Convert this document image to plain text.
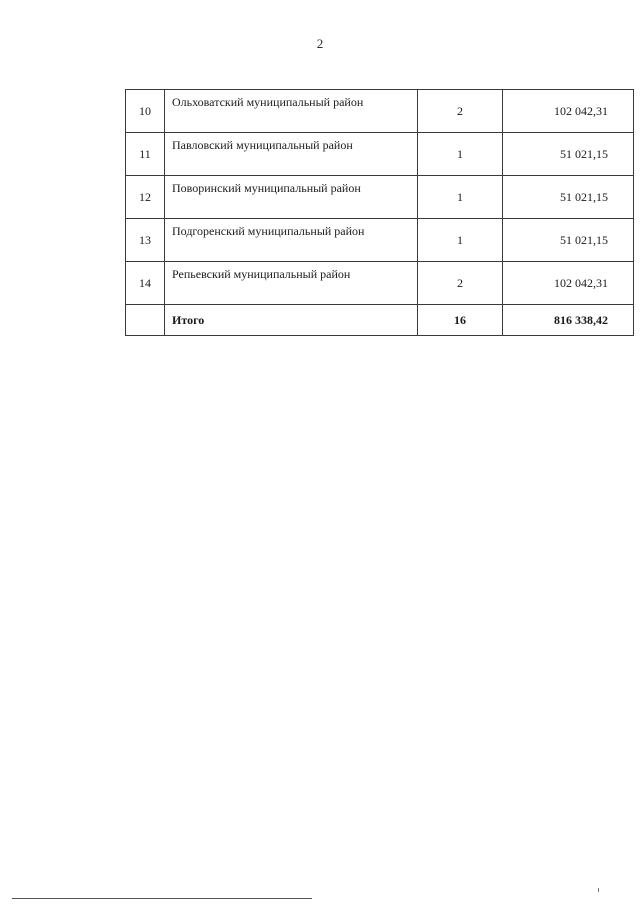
2
10	Ольховатский муниципальный район	2	102 042,31
11	Павловский муниципальный район	1	51 021,15
12	Поворинский муниципальный район	1	51 021,15
13	Подгоренский муниципальный район	1	51 021,15
14	Репьевский муниципальный район	2	102 042,31
	Итого	16	816 338,42
